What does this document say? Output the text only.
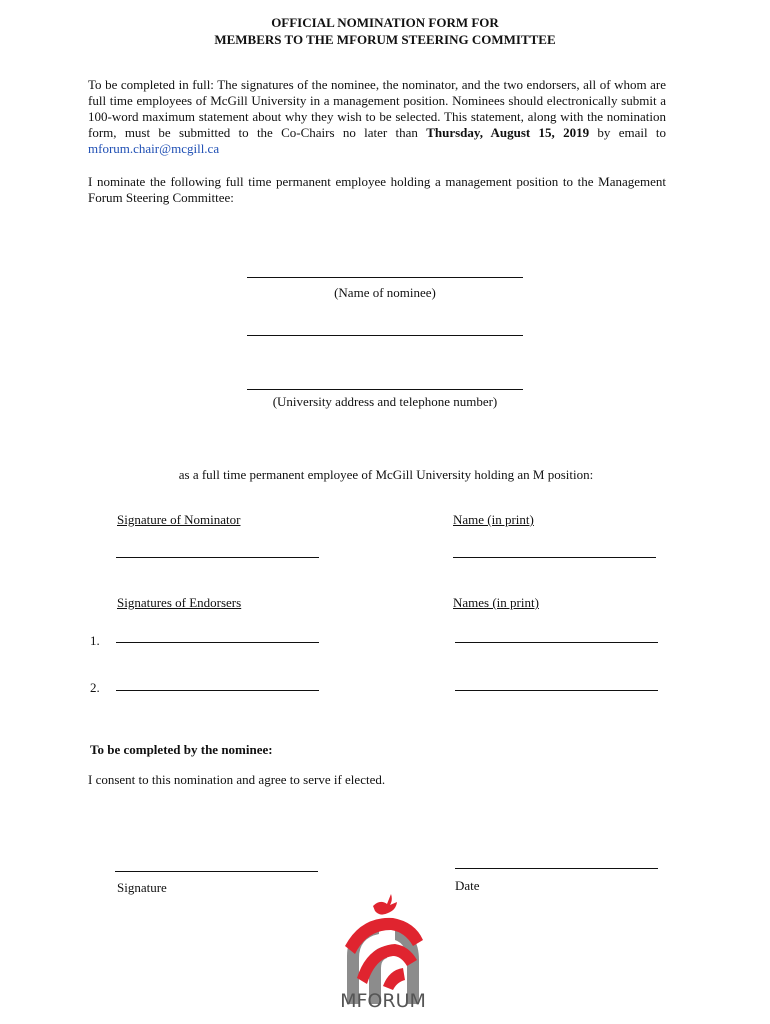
OFFICIAL NOMINATION FORM FOR
MEMBERS TO THE MFORUM STEERING COMMITTEE
To be completed in full: The signatures of the nominee, the nominator, and the two endorsers, all of whom are full time employees of McGill University in a management position. Nominees should electronically submit a 100-word maximum statement about why they wish to be selected. This statement, along with the nomination form, must be submitted to the Co-Chairs no later than Thursday, August 15, 2019 by email to mforum.chair@mcgill.ca
I nominate the following full time permanent employee holding a management position to the Management Forum Steering Committee:
(Name of nominee)
(University address and telephone number)
as a full time permanent employee of McGill University holding an M position:
Signature of Nominator	Name (in print)
Signatures of Endorsers	Names (in print)
1.
2.
To be completed by the nominee:
I consent to this nomination and agree to serve if elected.
Signature	Date
MFORUM
